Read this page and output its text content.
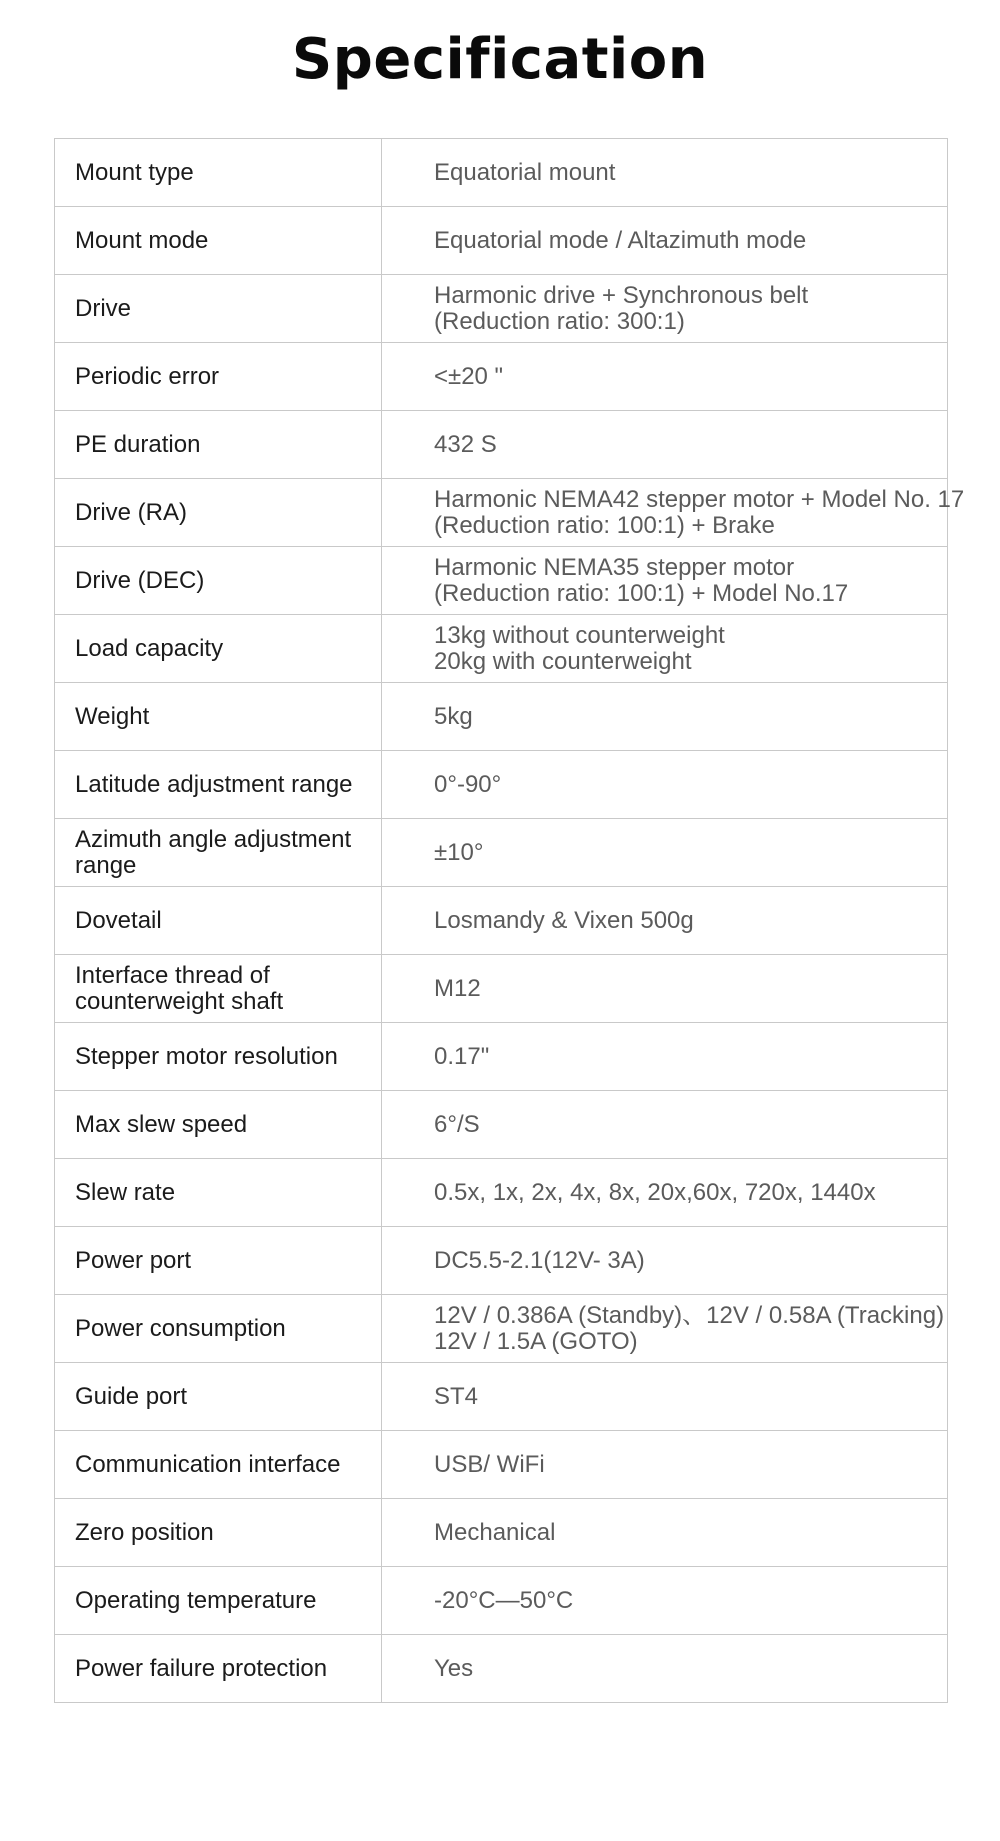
Specification
Mount type	Equatorial mount

Mount mode	Equatorial mode / Altazimuth mode

Drive	Harmonic drive + Synchronous belt
(Reduction ratio: 300:1)

Periodic error	<±20 "

PE duration	432 S

Drive (RA)	Harmonic NEMA42 stepper motor + Model No. 17
(Reduction ratio: 100:1) + Brake

Drive (DEC)	Harmonic NEMA35 stepper motor
(Reduction ratio: 100:1) + Model No.17

Load capacity	13kg without counterweight
20kg with counterweight

Weight	5kg

Latitude adjustment range	0°-90°

Azimuth angle adjustment
range	±10°

Dovetail	Losmandy & Vixen 500g

Interface thread of
counterweight shaft	M12

Stepper motor resolution	0.17"

Max slew speed	6°/S

Slew rate	0.5x, 1x, 2x, 4x, 8x, 20x,60x, 720x, 1440x

Power port	DC5.5-2.1(12V- 3A)

Power consumption	12V / 0.386A (Standby)、12V / 0.58A (Tracking)
12V / 1.5A (GOTO)

Guide port	ST4

Communication interface	USB/ WiFi

Zero position	Mechanical

Operating temperature	-20°C—50°C

Power failure protection	Yes
